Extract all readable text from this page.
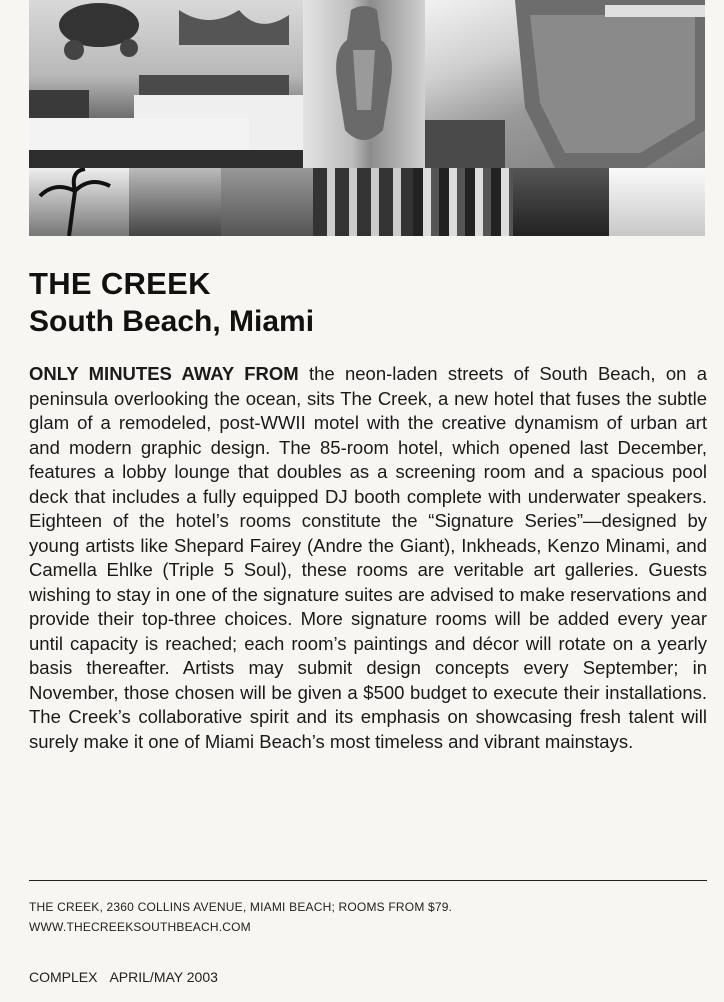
THE CREEK
South Beach, Miami

ONLY MINUTES AWAY FROM the neon-laden streets of South Beach, on a peninsula overlooking the ocean, sits The Creek, a new hotel that fuses the subtle glam of a remodeled, post-WWII motel with the creative dynamism of urban art and modern graphic design. The 85-room hotel, which opened last December, features a lobby lounge that doubles as a screening room and a spacious pool deck that includes a fully equipped DJ booth complete with underwater speakers. Eighteen of the hotel’s rooms constitute the “Signature Series”—designed by young artists like Shepard Fairey (Andre the Giant), Inkheads, Kenzo Minami, and Camella Ehlke (Triple 5 Soul), these rooms are veritable art galleries. Guests wishing to stay in one of the signature suites are advised to make reservations and provide their top-three choices. More signature rooms will be added every year until capacity is reached; each room’s paintings and décor will rotate on a yearly basis thereafter. Artists may submit design concepts every September; in November, those chosen will be given a $500 budget to execute their installations. The Creek’s collaborative spirit and its emphasis on showcasing fresh talent will surely make it one of Miami Beach’s most timeless and vibrant mainstays.

THE CREEK, 2360 COLLINS AVENUE, MIAMI BEACH; ROOMS FROM $79.

WWW.THECREEKSOUTHBEACH.COM

COMPLEX APRIL/MAY 2003
